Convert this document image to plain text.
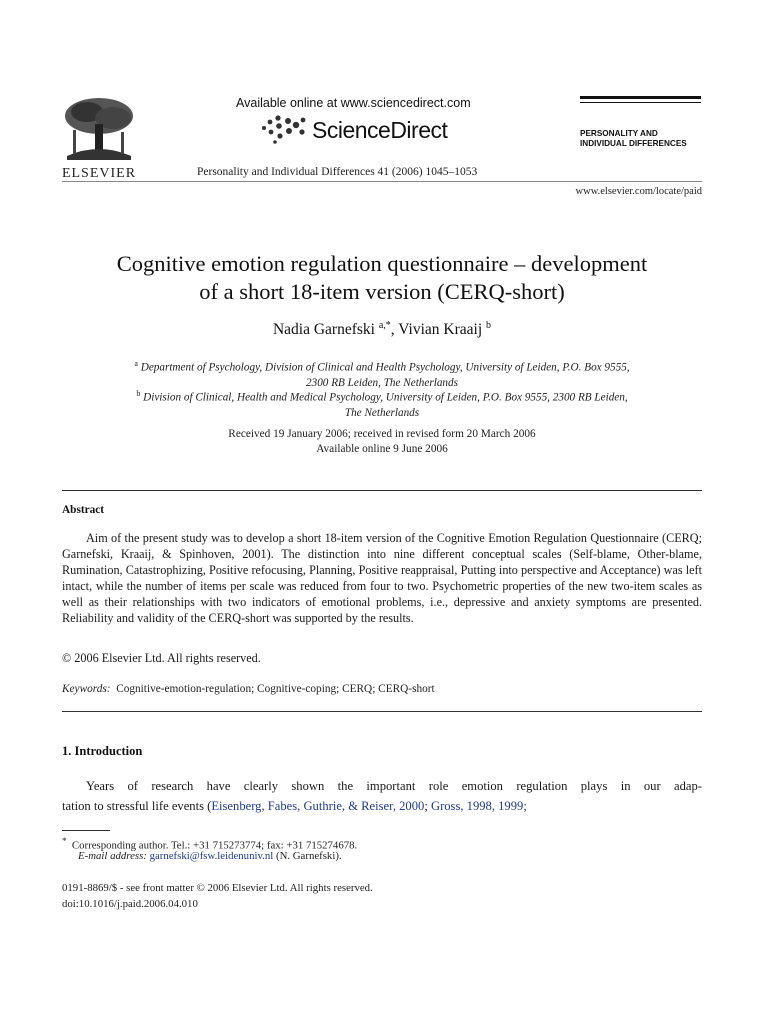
ELSEVIER
Available online at www.sciencedirect.com
ScienceDirect
Personality and Individual Differences 41 (2006) 1045–1053
PERSONALITY AND
INDIVIDUAL DIFFERENCES
www.elsevier.com/locate/paid
Cognitive emotion regulation questionnaire – development
of a short 18-item version (CERQ-short)
Nadia Garnefski $^{a,*}$, Vivian Kraaij $^b$
$^a$ Department of Psychology, Division of Clinical and Health Psychology, University of Leiden, P.O. Box 9555,
2300 RB Leiden, The Netherlands
$^b$ Division of Clinical, Health and Medical Psychology, University of Leiden, P.O. Box 9555, 2300 RB Leiden,
The Netherlands
Received 19 January 2006; received in revised form 20 March 2006
Available online 9 June 2006
Abstract

Aim of the present study was to develop a short 18-item version of the Cognitive Emotion Regulation Questionnaire (CERQ; Garnefski, Kraaij, & Spinhoven, 2001). The distinction into nine different conceptual scales (Self-blame, Other-blame, Rumination, Catastrophizing, Positive refocusing, Planning, Positive reappraisal, Putting into perspective and Acceptance) was left intact, while the number of items per scale was reduced from four to two. Psychometric properties of the new two-item scales as well as their relationships with two indicators of emotional problems, i.e., depressive and anxiety symptoms are presented. Reliability and validity of the CERQ-short was supported by the results.

© 2006 Elsevier Ltd. All rights reserved.
Keywords: Cognitive-emotion-regulation; Cognitive-coping; CERQ; CERQ-short
1. Introduction
Years of research have clearly shown the important role emotion regulation plays in our adap-
tation to stressful life events (Eisenberg, Fabes, Guthrie, & Reiser, 2000; Gross, 1998, 1999;
* Corresponding author. Tel.: +31 715273774; fax: +31 715274678.
E-mail address: garnefski@fsw.leidenuniv.nl (N. Garnefski).
0191-8869/$ - see front matter © 2006 Elsevier Ltd. All rights reserved.
doi:10.1016/j.paid.2006.04.010
